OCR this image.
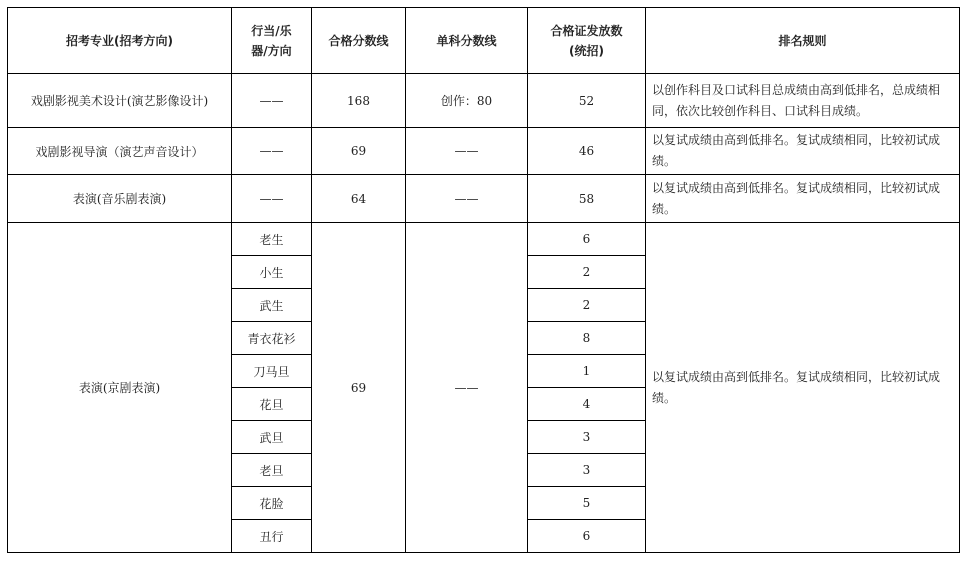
招考专业(招考方向)	行当/乐器/方向	合格分数线	单科分数线	合格证发放数(统招)	排名规则
戏剧影视美术设计(演艺影像设计)	——	168	创作：80	52	以创作科目及口试科目总成绩由高到低排名，总成绩相同，依次比较创作科目、口试科目成绩。
戏剧影视导演（演艺声音设计）	——	69	——	46	以复试成绩由高到低排名。复试成绩相同，比较初试成绩。
表演(音乐剧表演)	——	64	——	58	以复试成绩由高到低排名。复试成绩相同，比较初试成绩。
表演(京剧表演)	老生	69	——	6	以复试成绩由高到低排名。复试成绩相同，比较初试成绩。
	小生			2	
	武生			2	
	青衣花衫			8	
	刀马旦			1	
	花旦			4	
	武旦			3	
	老旦			3	
	花脸			5	
	丑行			6	
